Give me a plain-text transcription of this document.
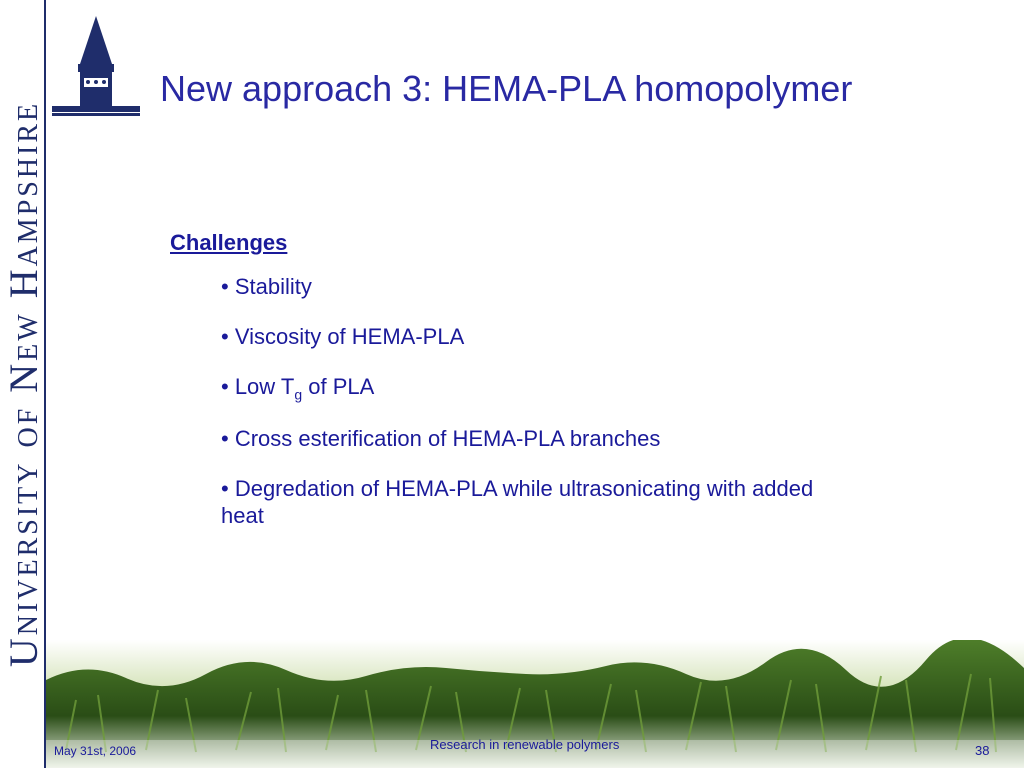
University of New Hampshire
New approach 3: HEMA-PLA homopolymer

Challenges

• Stability

• Viscosity of HEMA-PLA

• Low $T_g$ of PLA

• Cross esterification of HEMA-PLA branches

• Degredation of HEMA-PLA while ultrasonicating with added heat

May 31st, 2006	Research in renewable polymers	38
